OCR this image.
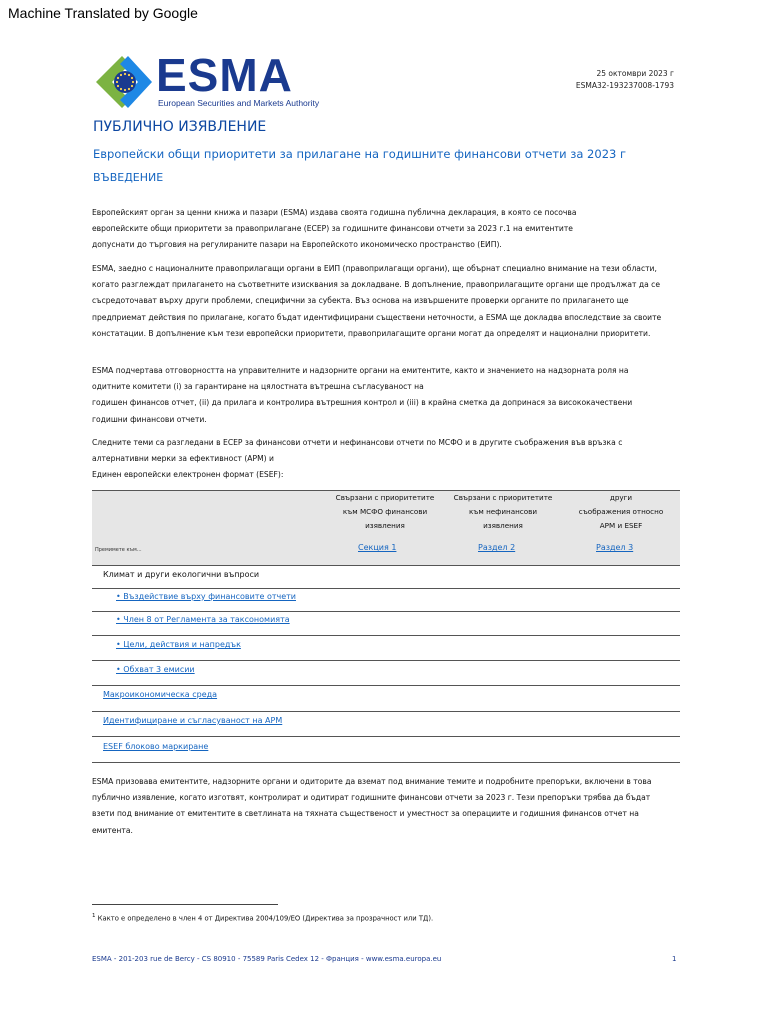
Machine Translated by Google
ESMA
European Securities and Markets Authority
25 октомври 2023 г
ESMA32-193237008-1793
ПУБЛИЧНО ИЗЯВЛЕНИЕ
Европейски общи приоритети за прилагане на годишните финансови отчети за 2023 г
ВЪВЕДЕНИЕ
Европейският орган за ценни книжа и пазари (ESMA) издава своята годишна публична декларация, в която се посочва
европейските общи приоритети за правоприлагане (ECEP) за годишните финансови отчети за 2023 г.1 на емитентите
допуснати до търговия на регулираните пазари на Европейското икономическо пространство (ЕИП).
ESMA, заедно с националните правоприлагащи органи в ЕИП (правоприлагащи органи), ще обърнат специално внимание на тези области,
когато разглеждат прилагането на съответните изисквания за докладване. В допълнение, правоприлагащите органи ще продължат да се
съсредоточават върху други проблеми, специфични за субекта. Въз основа на извършените проверки органите по прилагането ще
предприемат действия по прилагане, когато бъдат идентифицирани съществени неточности, а ESMA ще докладва впоследствие за своите
констатации. В допълнение към тези европейски приоритети, правоприлагащите органи могат да определят и национални приоритети.
ESMA подчертава отговорността на управителните и надзорните органи на емитентите, както и значението на надзорната роля на
одитните комитети (i) за гарантиране на цялостната вътрешна съгласуваност на
годишен финансов отчет, (ii) да прилага и контролира вътрешния контрол и (iii) в крайна сметка да допринася за висококачествени
годишни финансови отчети.
Следните теми са разгледани в ECEP за финансови отчети и нефинансови отчети по МСФО и в другите съображения във връзка с
алтернативни мерки за ефективност (APM) и
Единен европейски електронен формат (ESEF):
Прeмимeте към...
Свързани с приоритетите
към МСФО финансови
изявления
Свързани с приоритетите
към нефинансови
изявления
други
съображения относно
APM и ESEF
Секция 1	Раздел 2	Раздел 3
Климат и други екологични въпроси
• Въздействие върху финансовите отчети
• Член 8 от Регламента за таксономията
• Цели, действия и напредък
• Обхват 3 емисии
Макроикономическа среда
Идентифициране и съгласуваност на APM
ESEF блоково маркиране
ESMA призовава емитентите, надзорните органи и одиторите да вземат под внимание темите и подробните препоръки, включени в това
публично изявление, когато изготвят, контролират и одитират годишните финансови отчети за 2023 г. Тези препоръки трябва да бъдат
взети под внимание от емитентите в светлината на тяхната същественост и уместност за операциите и годишния финансов отчет на
емитента.
$^1$ Както е определено в член 4 от Директива 2004/109/ЕО (Директива за прозрачност или ТД).
ESMA - 201-203 rue de Bercy - CS 80910 - 75589 Paris Cedex 12 - Франция - www.esma.europa.eu	1
